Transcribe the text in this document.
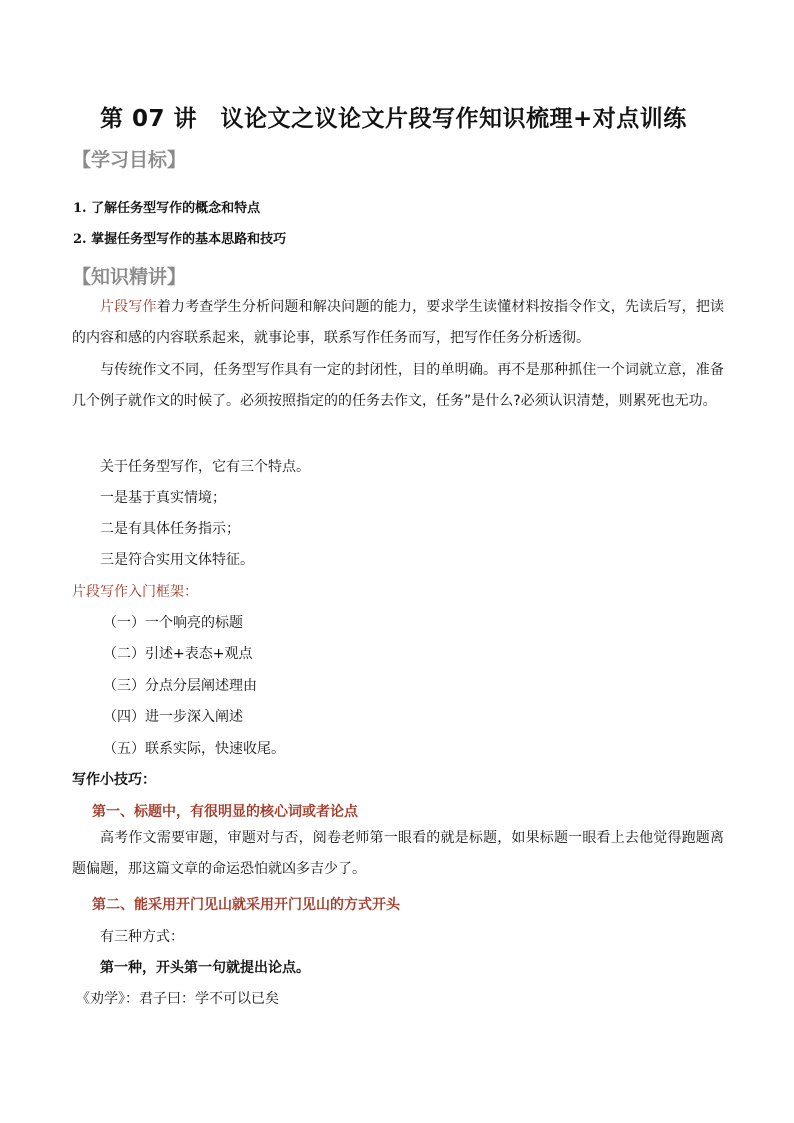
第 07 讲　议论文之议论文片段写作知识梳理+对点训练
【学习目标】
1. 了解任务型写作的概念和特点
2. 掌握任务型写作的基本思路和技巧
【知识精讲】
片段写作着力考查学生分析问题和解决问题的能力，要求学生读懂材料按指令作文，先读后写，把读的内容和感的内容联系起来，就事论事，联系写作任务而写，把写作任务分析透彻。
与传统作文不同，任务型写作具有一定的封闭性，目的单明确。再不是那种抓住一个词就立意，准备几个例子就作文的时候了。必须按照指定的的任务去作文，任务”是什么?必须认识清楚，则累死也无功。
关于任务型写作，它有三个特点。
一是基于真实情境；
二是有具体任务指示；
三是符合实用文体特征。
片段写作入门框架：
（一）一个响亮的标题
（二）引述+表态+观点
（三）分点分层阐述理由
（四）进一步深入阐述
（五）联系实际，快速收尾。
写作小技巧：
第一、标题中，有很明显的核心词或者论点
高考作文需要审题，审题对与否，阅卷老师第一眼看的就是标题，如果标题一眼看上去他觉得跑题离题偏题，那这篇文章的命运恐怕就凶多吉少了。
第二、能采用开门见山就采用开门见山的方式开头
有三种方式：
第一种，开头第一句就提出论点。
《劝学》：君子曰：学不可以已矣
